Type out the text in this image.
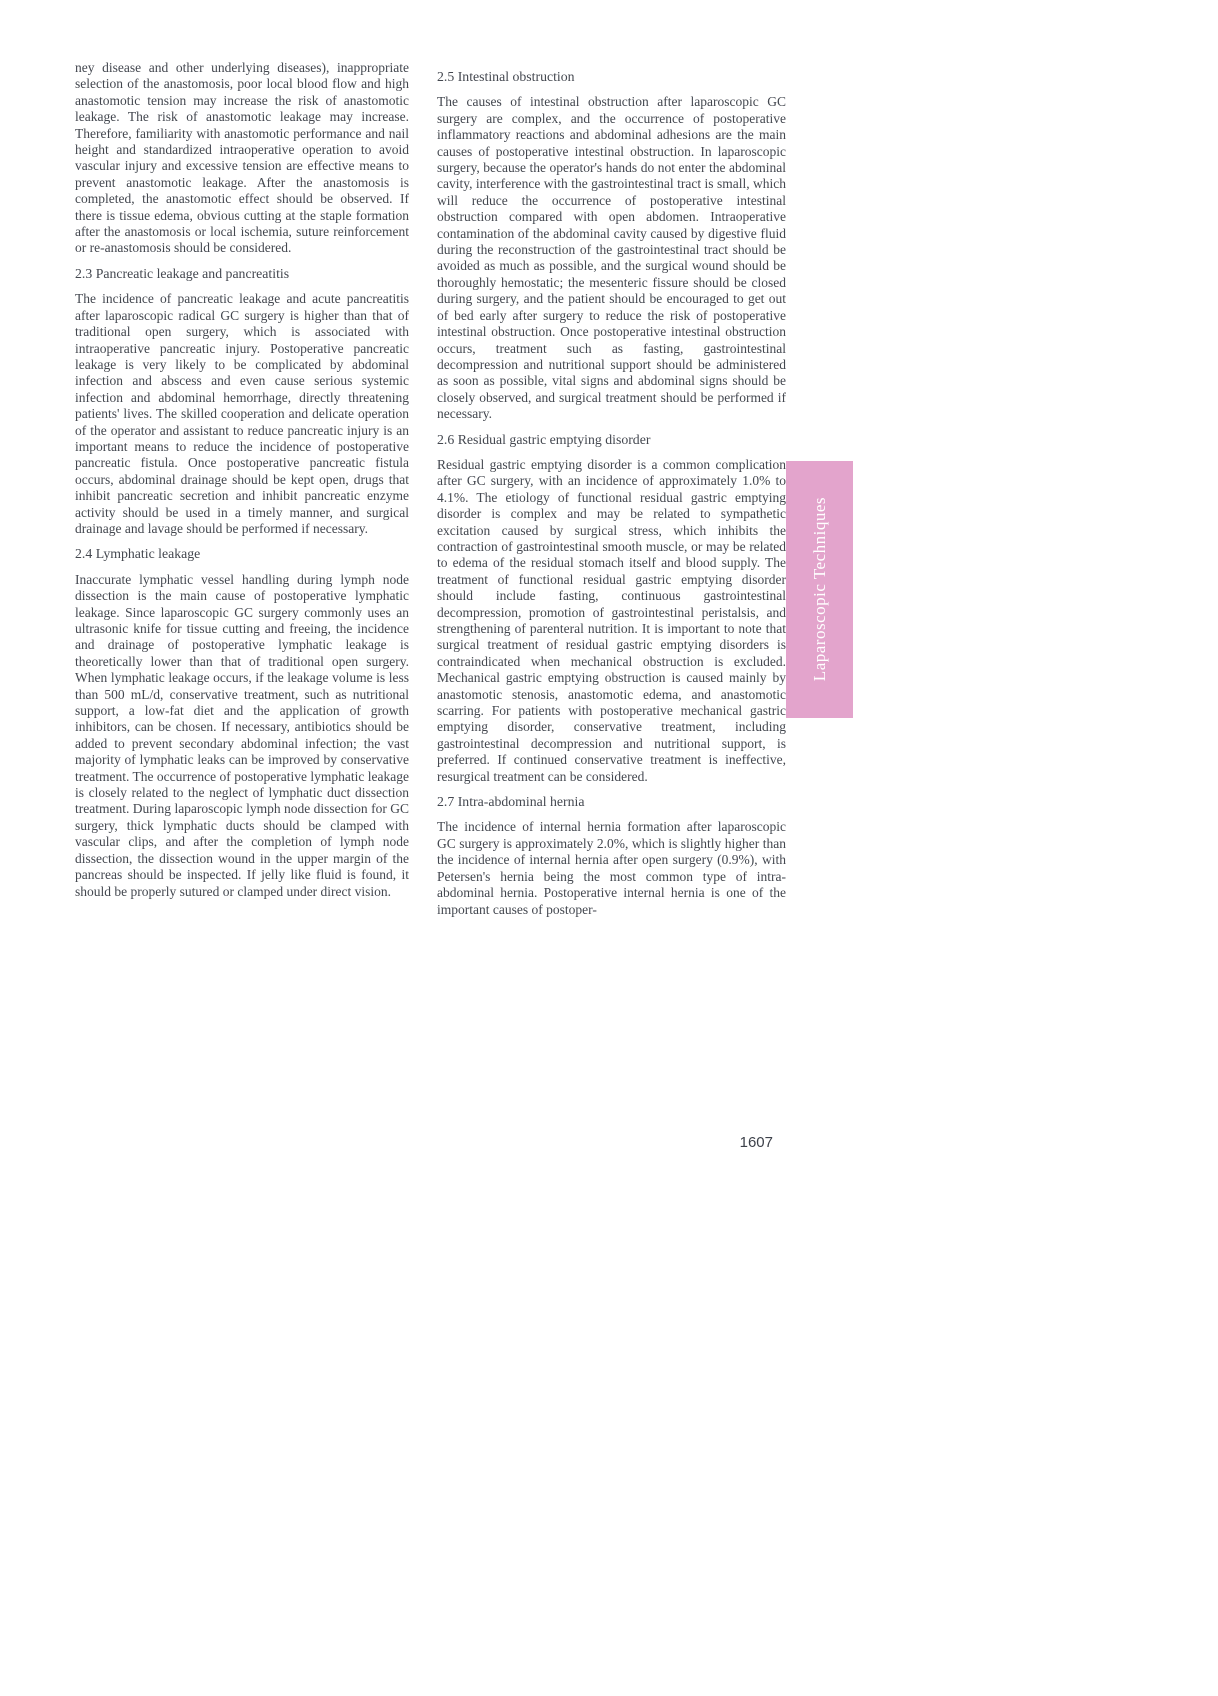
ney disease and other underlying diseases), inappropriate selection of the anastomosis, poor local blood flow and high anastomotic tension may increase the risk of anastomotic leakage. The risk of anastomotic leakage may increase. Therefore, familiarity with anastomotic performance and nail height and standardized intraoperative operation to avoid vascular injury and excessive tension are effective means to prevent anastomotic leakage. After the anastomosis is completed, the anastomotic effect should be observed. If there is tissue edema, obvious cutting at the staple formation after the anastomosis or local ischemia, suture reinforcement or re-anastomosis should be considered.

2.3 Pancreatic leakage and pancreatitis

The incidence of pancreatic leakage and acute pancreatitis after laparoscopic radical GC surgery is higher than that of traditional open surgery, which is associated with intraoperative pancreatic injury. Postoperative pancreatic leakage is very likely to be complicated by abdominal infection and abscess and even cause serious systemic infection and abdominal hemorrhage, directly threatening patients' lives. The skilled cooperation and delicate operation of the operator and assistant to reduce pancreatic injury is an important means to reduce the incidence of postoperative pancreatic fistula. Once postoperative pancreatic fistula occurs, abdominal drainage should be kept open, drugs that inhibit pancreatic secretion and inhibit pancreatic enzyme activity should be used in a timely manner, and surgical drainage and lavage should be performed if necessary.

2.4 Lymphatic leakage

Inaccurate lymphatic vessel handling during lymph node dissection is the main cause of postoperative lymphatic leakage. Since laparoscopic GC surgery commonly uses an ultrasonic knife for tissue cutting and freeing, the incidence and drainage of postoperative lymphatic leakage is theoretically lower than that of traditional open surgery. When lymphatic leakage occurs, if the leakage volume is less than 500 mL/d, conservative treatment, such as nutritional support, a low-fat diet and the application of growth inhibitors, can be chosen. If necessary, antibiotics should be added to prevent secondary abdominal infection; the vast majority of lymphatic leaks can be improved by conservative treatment. The occurrence of postoperative lymphatic leakage is closely related to the neglect of lymphatic duct dissection treatment. During laparoscopic lymph node dissection for GC surgery, thick lymphatic ducts should be clamped with vascular clips, and after the completion of lymph node dissection, the dissection wound in the upper margin of the pancreas should be inspected. If jelly like fluid is found, it should be properly sutured or clamped under direct vision.

2.5 Intestinal obstruction

The causes of intestinal obstruction after laparoscopic GC surgery are complex, and the occurrence of postoperative inflammatory reactions and abdominal adhesions are the main causes of postoperative intestinal obstruction. In laparoscopic surgery, because the operator's hands do not enter the abdominal cavity, interference with the gastrointestinal tract is small, which will reduce the occurrence of postoperative intestinal obstruction compared with open abdomen. Intraoperative contamination of the abdominal cavity caused by digestive fluid during the reconstruction of the gastrointestinal tract should be avoided as much as possible, and the surgical wound should be thoroughly hemostatic; the mesenteric fissure should be closed during surgery, and the patient should be encouraged to get out of bed early after surgery to reduce the risk of postoperative intestinal obstruction. Once postoperative intestinal obstruction occurs, treatment such as fasting, gastrointestinal decompression and nutritional support should be administered as soon as possible, vital signs and abdominal signs should be closely observed, and surgical treatment should be performed if necessary.

2.6 Residual gastric emptying disorder

Residual gastric emptying disorder is a common complication after GC surgery, with an incidence of approximately 1.0% to 4.1%. The etiology of functional residual gastric emptying disorder is complex and may be related to sympathetic excitation caused by surgical stress, which inhibits the contraction of gastrointestinal smooth muscle, or may be related to edema of the residual stomach itself and blood supply. The treatment of functional residual gastric emptying disorder should include fasting, continuous gastrointestinal decompression, promotion of gastrointestinal peristalsis, and strengthening of parenteral nutrition. It is important to note that surgical treatment of residual gastric emptying disorders is contraindicated when mechanical obstruction is excluded. Mechanical gastric emptying obstruction is caused mainly by anastomotic stenosis, anastomotic edema, and anastomotic scarring. For patients with postoperative mechanical gastric emptying disorder, conservative treatment, including gastrointestinal decompression and nutritional support, is preferred. If continued conservative treatment is ineffective, resurgical treatment can be considered.

2.7 Intra-abdominal hernia

The incidence of internal hernia formation after laparoscopic GC surgery is approximately 2.0%, which is slightly higher than the incidence of internal hernia after open surgery (0.9%), with Petersen's hernia being the most common type of intra-abdominal hernia. Postoperative internal hernia is one of the important causes of postoper-

Laparoscopic Techniques
1607
